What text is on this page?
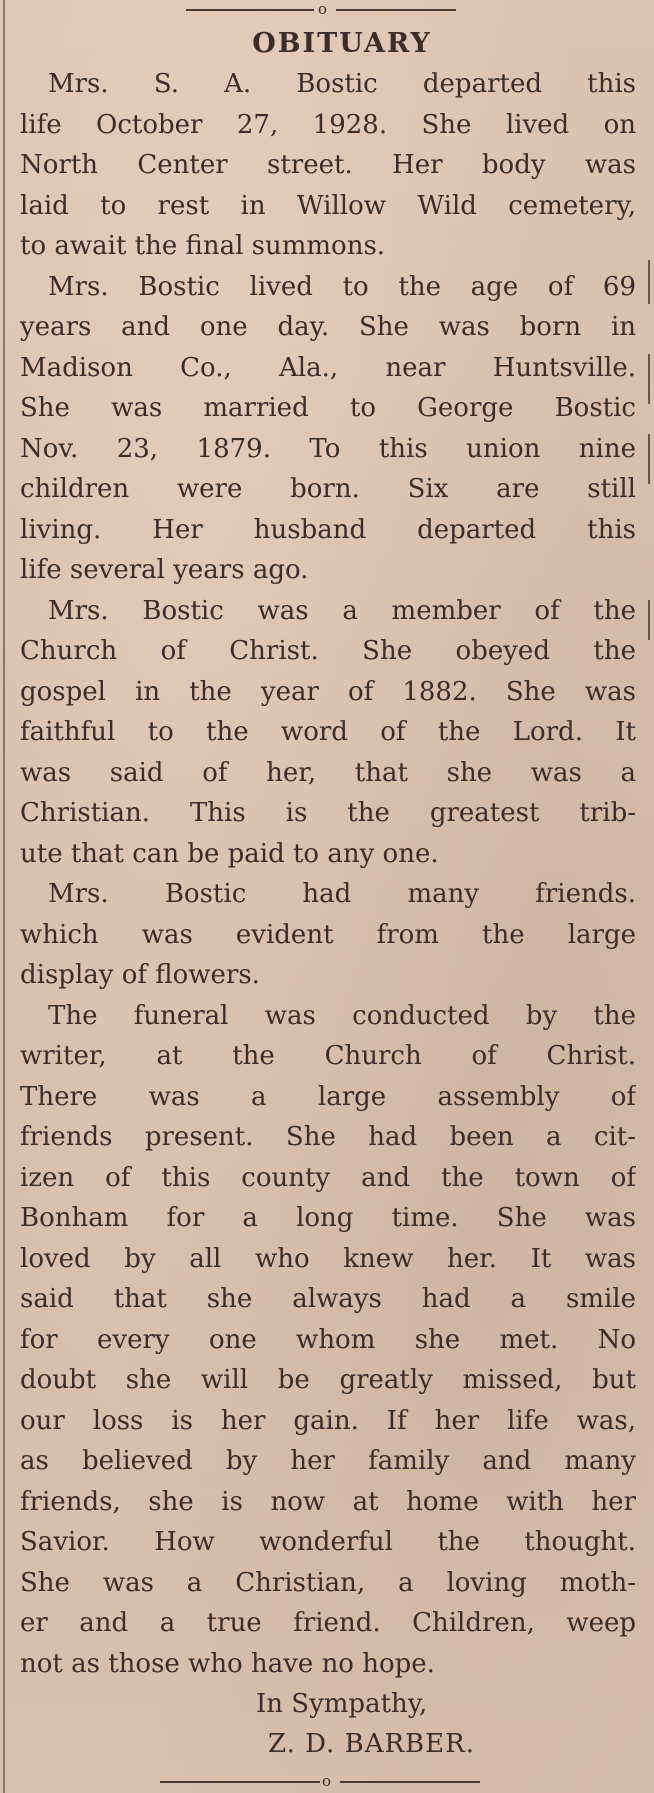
o
OBITUARY
Mrs. S. A. Bostic departed this
life October 27, 1928. She lived on
North Center street. Her body was
laid to rest in Willow Wild cemetery,
to await the final summons.
Mrs. Bostic lived to the age of 69
years and one day. She was born in
Madison Co., Ala., near Huntsville.
She was married to George Bostic
Nov. 23, 1879. To this union nine
children were born. Six are still
living. Her husband departed this
life several years ago.
Mrs. Bostic was a member of the
Church of Christ. She obeyed the
gospel in the year of 1882. She was
faithful to the word of the Lord. It
was said of her, that she was a
Christian. This is the greatest trib-
ute that can be paid to any one.
Mrs. Bostic had many friends.
which was evident from the large
display of flowers.
The funeral was conducted by the
writer, at the Church of Christ.
There was a large assembly of
friends present. She had been a cit-
izen of this county and the town of
Bonham for a long time. She was
loved by all who knew her. It was
said that she always had a smile
for every one whom she met. No
doubt she will be greatly missed, but
our loss is her gain. If her life was,
as believed by her family and many
friends, she is now at home with her
Savior. How wonderful the thought.
She was a Christian, a loving moth-
er and a true friend. Children, weep
not as those who have no hope.
In Sympathy,
Z. D. BARBER.
o
